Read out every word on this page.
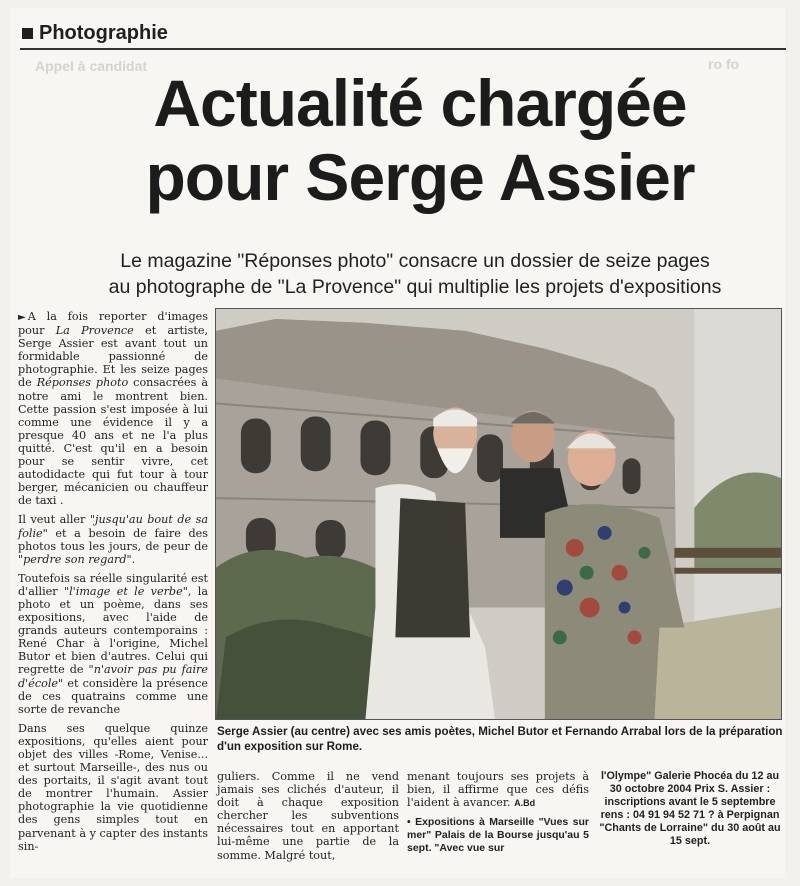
ro fo
Appel à candidat
Photographie
Actualité chargée
pour Serge Assier
Le magazine "Réponses photo" consacre un dossier de seize pages
au photographe de "La Provence" qui multiplie les projets d'expositions

► A la fois reporter d'images pour La Provence et artiste, Serge Assier est avant tout un formidable passionné de photographie. Et les seize pages de Réponses photo consacrées à notre ami le montrent bien. Cette passion s'est imposée à lui comme une évidence il y a presque 40 ans et ne l'a plus quitté. C'est qu'il en a besoin pour se sentir vivre, cet autodidacte qui fut tour à tour berger, mécanicien ou chauffeur de taxi .

Il veut aller "jusqu'au bout de sa folie" et a besoin de faire des photos tous les jours, de peur de "perdre son regard".

Toutefois sa réelle singularité est d'allier "l'image et le verbe", la photo et un poème, dans ses expositions, avec l'aide de grands auteurs contemporains : René Char à l'origine, Michel Butor et bien d'autres. Celui qui regrette de "n'avoir pas pu faire d'école" et considère la présence de ces quatrains comme une sorte de revanche

Dans ses quelque quinze expositions, qu'elles aient pour objet des villes -Rome, Venise... et surtout Marseille-, des nus ou des portaits, il s'agit avant tout de montrer l'humain. Assier photographie la vie quotidienne des gens simples tout en parvenant à y capter des instants sin-

Serge Assier (au centre) avec ses amis poètes, Michel Butor et Fernando Arrabal lors de la préparation d'un exposition sur Rome.

guliers. Comme il ne vend jamais ses clichés d'auteur, il doit à chaque exposition chercher les subventions nécessaires tout en apportant lui-même une partie de la somme. Malgré tout,

menant toujours ses projets à bien, il affirme que ces défis l'aident à avancer. A.Bd

• Expositions à Marseille "Vues sur mer" Palais de la Bourse jusqu'au 5 sept. "Avec vue sur

l'Olympe" Galerie Phocéa du 12 au 30 octobre 2004 Prix S. Assier : inscriptions avant le 5 septembre rens : 04 91 94 52 71 ? à Perpignan "Chants de Lorraine" du 30 août au 15 sept.
